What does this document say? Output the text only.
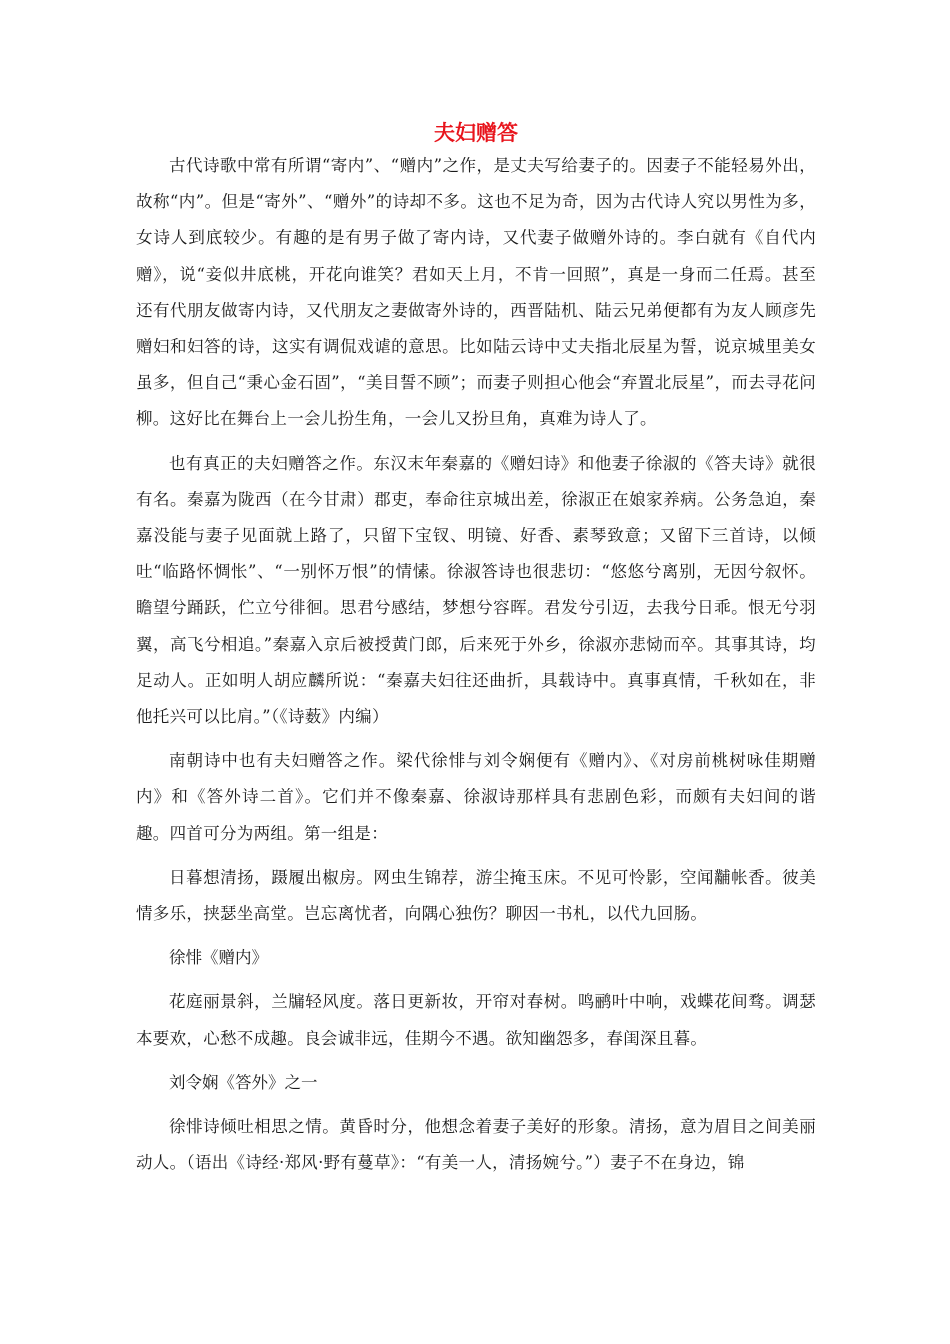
夫妇赠答

古代诗歌中常有所谓“寄内”、“赠内”之作，是丈夫写给妻子的。因妻子不能轻易外出，故称“内”。但是“寄外”、“赠外”的诗却不多。这也不足为奇，因为古代诗人究以男性为多，女诗人到底较少。有趣的是有男子做了寄内诗，又代妻子做赠外诗的。李白就有《自代内赠》，说“妾似井底桃，开花向谁笑？君如天上月，不肯一回照”，真是一身而二任焉。甚至还有代朋友做寄内诗，又代朋友之妻做寄外诗的，西晋陆机、陆云兄弟便都有为友人顾彦先赠妇和妇答的诗，这实有调侃戏谑的意思。比如陆云诗中丈夫指北辰星为誓，说京城里美女虽多，但自己“秉心金石固”，“美目誓不顾”；而妻子则担心他会“弃置北辰星”，而去寻花问柳。这好比在舞台上一会儿扮生角，一会儿又扮旦角，真难为诗人了。

也有真正的夫妇赠答之作。东汉末年秦嘉的《赠妇诗》和他妻子徐淑的《答夫诗》就很有名。秦嘉为陇西（在今甘肃）郡吏，奉命往京城出差，徐淑正在娘家养病。公务急迫，秦嘉没能与妻子见面就上路了，只留下宝钗、明镜、好香、素琴致意；又留下三首诗，以倾吐“临路怀惆怅”、“一别怀万恨”的情愫。徐淑答诗也很悲切：“悠悠兮离别，无因兮叙怀。瞻望兮踊跃，伫立兮徘徊。思君兮感结，梦想兮容晖。君发兮引迈，去我兮日乖。恨无兮羽翼，高飞兮相追。”秦嘉入京后被授黄门郎，后来死于外乡，徐淑亦悲恸而卒。其事其诗，均足动人。正如明人胡应麟所说：“秦嘉夫妇往还曲折，具载诗中。真事真情，千秋如在，非他托兴可以比肩。”（《诗薮》内编）

南朝诗中也有夫妇赠答之作。梁代徐悱与刘令娴便有《赠内》、《对房前桃树咏佳期赠内》和《答外诗二首》。它们并不像秦嘉、徐淑诗那样具有悲剧色彩，而颇有夫妇间的谐趣。四首可分为两组。第一组是：

日暮想清扬，蹑履出椒房。网虫生锦荐，游尘掩玉床。不见可怜影，空闻黼帐香。彼美情多乐，挟瑟坐高堂。岂忘离忧者，向隅心独伤？聊因一书札，以代九回肠。

徐悱《赠内》

花庭丽景斜，兰牖轻风度。落日更新妆，开帘对春树。鸣鹂叶中响，戏蝶花间骛。调瑟本要欢，心愁不成趣。良会诚非远，佳期今不遇。欲知幽怨多，春闺深且暮。

刘令娴《答外》之一

徐悱诗倾吐相思之情。黄昏时分，他想念着妻子美好的形象。清扬，意为眉目之间美丽动人。（语出《诗经·郑风·野有蔓草》：“有美一人，清扬婉兮。”）妻子不在身边，锦
